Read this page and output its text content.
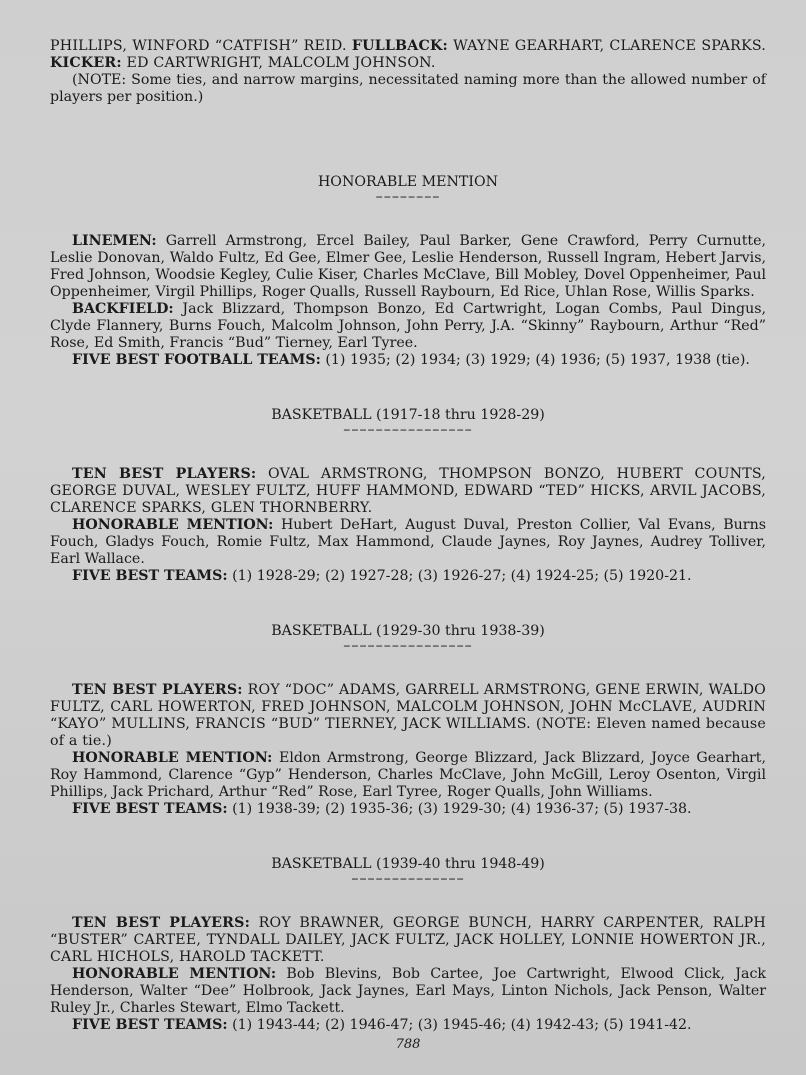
PHILLIPS, WINFORD “CATFISH” REID. FULLBACK: WAYNE GEARHART, CLARENCE SPARKS. KICKER: ED CARTWRIGHT, MALCOLM JOHNSON.

(NOTE: Some ties, and narrow margins, necessitated naming more than the allowed number of players per position.)

HONORABLE MENTION
––––––––

LINEMEN: Garrell Armstrong, Ercel Bailey, Paul Barker, Gene Crawford, Perry Curnutte, Leslie Donovan, Waldo Fultz, Ed Gee, Elmer Gee, Leslie Henderson, Russell Ingram, Hebert Jarvis, Fred Johnson, Woodsie Kegley, Culie Kiser, Charles McClave, Bill Mobley, Dovel Oppenheimer, Paul Oppenheimer, Virgil Phillips, Roger Qualls, Russell Raybourn, Ed Rice, Uhlan Rose, Willis Sparks.

BACKFIELD: Jack Blizzard, Thompson Bonzo, Ed Cartwright, Logan Combs, Paul Dingus, Clyde Flannery, Burns Fouch, Malcolm Johnson, John Perry, J.A. “Skinny” Raybourn, Arthur “Red” Rose, Ed Smith, Francis “Bud” Tierney, Earl Tyree.

FIVE BEST FOOTBALL TEAMS: (1) 1935; (2) 1934; (3) 1929; (4) 1936; (5) 1937, 1938 (tie).

BASKETBALL (1917-18 thru 1928-29)
––––––––––––––––

TEN BEST PLAYERS: OVAL ARMSTRONG, THOMPSON BONZO, HUBERT COUNTS, GEORGE DUVAL, WESLEY FULTZ, HUFF HAMMOND, EDWARD “TED” HICKS, ARVIL JACOBS, CLARENCE SPARKS, GLEN THORNBERRY.

HONORABLE MENTION: Hubert DeHart, August Duval, Preston Collier, Val Evans, Burns Fouch, Gladys Fouch, Romie Fultz, Max Hammond, Claude Jaynes, Roy Jaynes, Audrey Tolliver, Earl Wallace.

FIVE BEST TEAMS: (1) 1928-29; (2) 1927-28; (3) 1926-27; (4) 1924-25; (5) 1920-21.

BASKETBALL (1929-30 thru 1938-39)
––––––––––––––––

TEN BEST PLAYERS: ROY “DOC” ADAMS, GARRELL ARMSTRONG, GENE ERWIN, WALDO FULTZ, CARL HOWERTON, FRED JOHNSON, MALCOLM JOHNSON, JOHN McCLAVE, AUDRIN “KAYO” MULLINS, FRANCIS “BUD” TIERNEY, JACK WILLIAMS. (NOTE: Eleven named because of a tie.)

HONORABLE MENTION: Eldon Armstrong, George Blizzard, Jack Blizzard, Joyce Gearhart, Roy Hammond, Clarence “Gyp” Henderson, Charles McClave, John McGill, Leroy Osenton, Virgil Phillips, Jack Prichard, Arthur “Red” Rose, Earl Tyree, Roger Qualls, John Williams.

FIVE BEST TEAMS: (1) 1938-39; (2) 1935-36; (3) 1929-30; (4) 1936-37; (5) 1937-38.

BASKETBALL (1939-40 thru 1948-49)
––––––––––––––

TEN BEST PLAYERS: ROY BRAWNER, GEORGE BUNCH, HARRY CARPENTER, RALPH “BUSTER” CARTEE, TYNDALL DAILEY, JACK FULTZ, JACK HOLLEY, LONNIE HOWERTON JR., CARL HICHOLS, HAROLD TACKETT.

HONORABLE MENTION: Bob Blevins, Bob Cartee, Joe Cartwright, Elwood Click, Jack Henderson, Walter “Dee” Holbrook, Jack Jaynes, Earl Mays, Linton Nichols, Jack Penson, Walter Ruley Jr., Charles Stewart, Elmo Tackett.

FIVE BEST TEAMS: (1) 1943-44; (2) 1946-47; (3) 1945-46; (4) 1942-43; (5) 1941-42.

788
